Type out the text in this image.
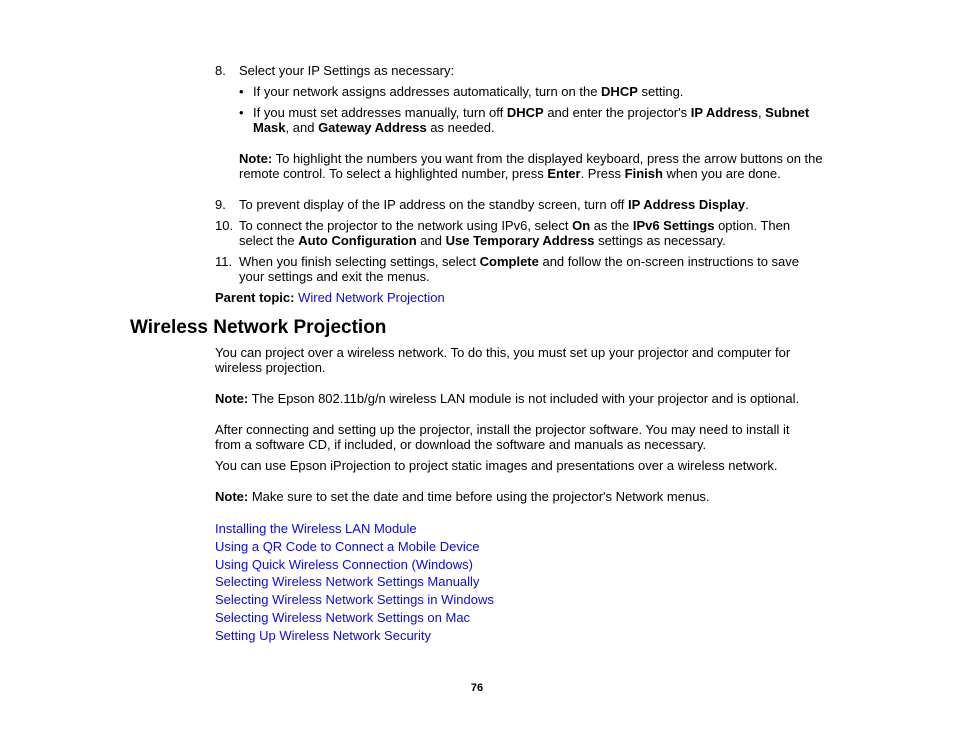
8. Select your IP Settings as necessary:
• If your network assigns addresses automatically, turn on the DHCP setting.
• If you must set addresses manually, turn off DHCP and enter the projector's IP Address, Subnet Mask, and Gateway Address as needed.
Note: To highlight the numbers you want from the displayed keyboard, press the arrow buttons on the remote control. To select a highlighted number, press Enter. Press Finish when you are done.
9. To prevent display of the IP address on the standby screen, turn off IP Address Display.
10. To connect the projector to the network using IPv6, select On as the IPv6 Settings option. Then select the Auto Configuration and Use Temporary Address settings as necessary.
11. When you finish selecting settings, select Complete and follow the on-screen instructions to save your settings and exit the menus.
Parent topic: Wired Network Projection
Wireless Network Projection
You can project over a wireless network. To do this, you must set up your projector and computer for wireless projection.
Note: The Epson 802.11b/g/n wireless LAN module is not included with your projector and is optional.
After connecting and setting up the projector, install the projector software. You may need to install it from a software CD, if included, or download the software and manuals as necessary.
You can use Epson iProjection to project static images and presentations over a wireless network.
Note: Make sure to set the date and time before using the projector's Network menus.
Installing the Wireless LAN Module
Using a QR Code to Connect a Mobile Device
Using Quick Wireless Connection (Windows)
Selecting Wireless Network Settings Manually
Selecting Wireless Network Settings in Windows
Selecting Wireless Network Settings on Mac
Setting Up Wireless Network Security
76
